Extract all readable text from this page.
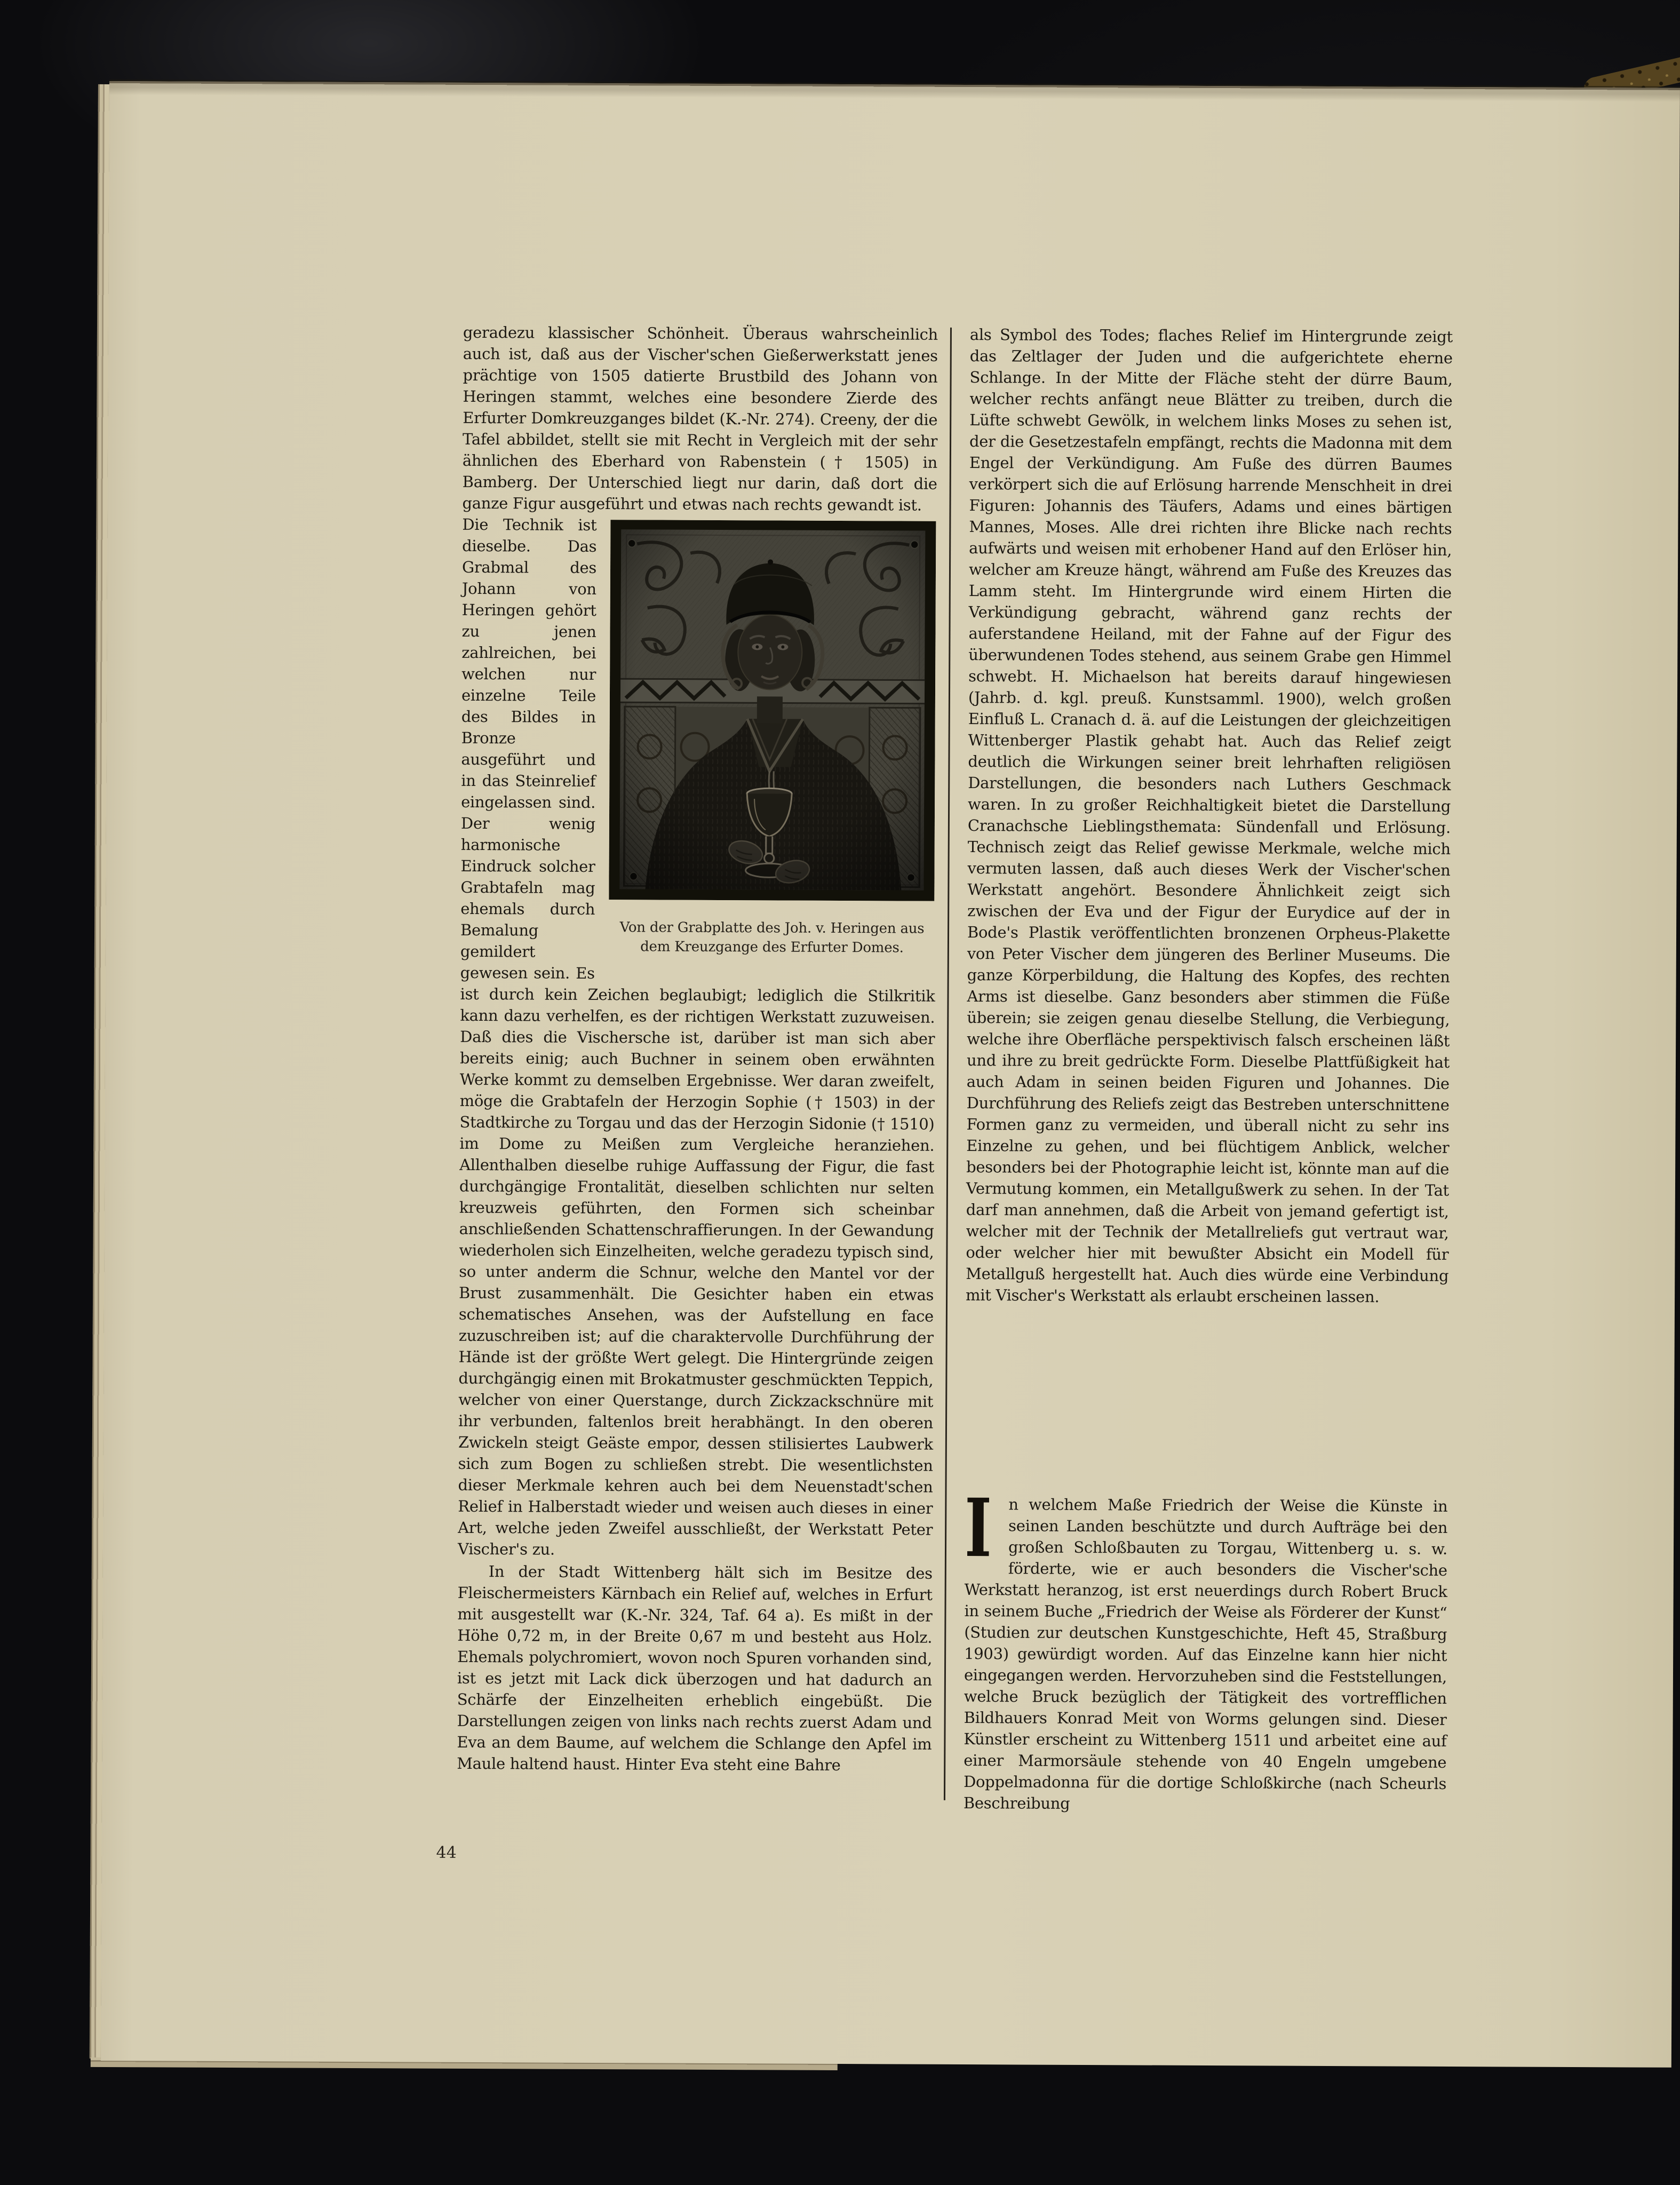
geradezu klassischer Schönheit. Überaus wahrscheinlich auch ist, daß aus der Vischer'schen Gießerwerkstatt jenes prächtige von 1505 datierte Brustbild des Johann von Heringen stammt, welches eine besondere Zierde des Erfurter Domkreuzganges bildet (K.-Nr. 274). Creeny, der die Tafel abbildet, stellt sie mit Recht in Vergleich mit der sehr ähnlichen des Eberhard von Rabenstein († 1505) in Bamberg. Der Unterschied liegt nur darin, daß dort die ganze Figur ausgeführt und etwas nach rechts gewandt ist.

Von der Grabplatte des Joh. v. Heringen aus dem Kreuzgange des Erfurter Domes.

Die Technik ist dieselbe. Das Grabmal des Johann von Heringen gehört zu jenen zahlreichen, bei welchen nur einzelne Teile des Bildes in Bronze ausgeführt und in das Steinrelief eingelassen sind. Der wenig harmonische Eindruck solcher Grabtafeln mag ehemals durch Bemalung gemildert gewesen sein. Es ist durch kein Zeichen beglaubigt; lediglich die Stilkritik kann dazu verhelfen, es der richtigen Werkstatt zuzuweisen. Daß dies die Vischersche ist, darüber ist man sich aber bereits einig; auch Buchner in seinem oben erwähnten Werke kommt zu demselben Ergebnisse. Wer daran zweifelt, möge die Grabtafeln der Herzogin Sophie († 1503) in der Stadtkirche zu Torgau und das der Herzogin Sidonie († 1510) im Dome zu Meißen zum Vergleiche heranziehen. Allenthalben dieselbe ruhige Auffassung der Figur, die fast durchgängige Frontalität, dieselben schlichten nur selten kreuzweis geführten, den Formen sich scheinbar anschließenden Schattenschraffierungen. In der Gewandung wiederholen sich Einzelheiten, welche geradezu typisch sind, so unter anderm die Schnur, welche den Mantel vor der Brust zusammenhält. Die Gesichter haben ein etwas schematisches Ansehen, was der Aufstellung en face zuzuschreiben ist; auf die charaktervolle Durchführung der Hände ist der größte Wert gelegt. Die Hintergründe zeigen durchgängig einen mit Brokatmuster geschmückten Teppich, welcher von einer Querstange, durch Zickzackschnüre mit ihr verbunden, faltenlos breit herabhängt. In den oberen Zwickeln steigt Geäste empor, dessen stilisiertes Laubwerk sich zum Bogen zu schließen strebt. Die wesentlichsten dieser Merkmale kehren auch bei dem Neuenstadt'schen Relief in Halberstadt wieder und weisen auch dieses in einer Art, welche jeden Zweifel ausschließt, der Werkstatt Peter Vischer's zu.

In der Stadt Wittenberg hält sich im Besitze des Fleischermeisters Kärnbach ein Relief auf, welches in Erfurt mit ausgestellt war (K.-Nr. 324, Taf. 64 a). Es mißt in der Höhe 0,72 m, in der Breite 0,67 m und besteht aus Holz. Ehemals polychromiert, wovon noch Spuren vorhanden sind, ist es jetzt mit Lack dick überzogen und hat dadurch an Schärfe der Einzelheiten erheblich eingebüßt. Die Darstellungen zeigen von links nach rechts zuerst Adam und Eva an dem Baume, auf welchem die Schlange den Apfel im Maule haltend haust. Hinter Eva steht eine Bahre

als Symbol des Todes; flaches Relief im Hintergrunde zeigt das Zeltlager der Juden und die aufgerichtete eherne Schlange. In der Mitte der Fläche steht der dürre Baum, welcher rechts anfängt neue Blätter zu treiben, durch die Lüfte schwebt Gewölk, in welchem links Moses zu sehen ist, der die Gesetzestafeln empfängt, rechts die Madonna mit dem Engel der Verkündigung. Am Fuße des dürren Baumes verkörpert sich die auf Erlösung harrende Menschheit in drei Figuren: Johannis des Täufers, Adams und eines bärtigen Mannes, Moses. Alle drei richten ihre Blicke nach rechts aufwärts und weisen mit erhobener Hand auf den Erlöser hin, welcher am Kreuze hängt, während am Fuße des Kreuzes das Lamm steht. Im Hintergrunde wird einem Hirten die Verkündigung gebracht, während ganz rechts der auferstandene Heiland, mit der Fahne auf der Figur des überwundenen Todes stehend, aus seinem Grabe gen Himmel schwebt. H. Michaelson hat bereits darauf hingewiesen (Jahrb. d. kgl. preuß. Kunstsamml. 1900), welch großen Einfluß L. Cranach d. ä. auf die Leistungen der gleichzeitigen Wittenberger Plastik gehabt hat. Auch das Relief zeigt deutlich die Wirkungen seiner breit lehrhaften religiösen Darstellungen, die besonders nach Luthers Geschmack waren. In zu großer Reichhaltigkeit bietet die Darstellung Cranachsche Lieblingsthemata: Sündenfall und Erlösung. Technisch zeigt das Relief gewisse Merkmale, welche mich vermuten lassen, daß auch dieses Werk der Vischer'schen Werkstatt angehört. Besondere Ähnlichkeit zeigt sich zwischen der Eva und der Figur der Eurydice auf der in Bode's Plastik veröffentlichten bronzenen Orpheus-Plakette von Peter Vischer dem jüngeren des Berliner Museums. Die ganze Körperbildung, die Haltung des Kopfes, des rechten Arms ist dieselbe. Ganz besonders aber stimmen die Füße überein; sie zeigen genau dieselbe Stellung, die Verbiegung, welche ihre Oberfläche perspektivisch falsch erscheinen läßt und ihre zu breit gedrückte Form. Dieselbe Plattfüßigkeit hat auch Adam in seinen beiden Figuren und Johannes. Die Durchführung des Reliefs zeigt das Bestreben unterschnittene Formen ganz zu vermeiden, und überall nicht zu sehr ins Einzelne zu gehen, und bei flüchtigem Anblick, welcher besonders bei der Photographie leicht ist, könnte man auf die Vermutung kommen, ein Metallgußwerk zu sehen. In der Tat darf man annehmen, daß die Arbeit von jemand gefertigt ist, welcher mit der Technik der Metallreliefs gut vertraut war, oder welcher hier mit bewußter Absicht ein Modell für Metallguß hergestellt hat. Auch dies würde eine Verbindung mit Vischer's Werkstatt als erlaubt erscheinen lassen.

I n welchem Maße Friedrich der Weise die Künste in seinen Landen beschützte und durch Aufträge bei den großen Schloßbauten zu Torgau, Wittenberg u. s. w. förderte, wie er auch besonders die Vischer'sche Werkstatt heranzog, ist erst neuerdings durch Robert Bruck in seinem Buche „Friedrich der Weise als Förderer der Kunst“ (Studien zur deutschen Kunstgeschichte, Heft 45, Straßburg 1903) gewürdigt worden. Auf das Einzelne kann hier nicht eingegangen werden. Hervorzuheben sind die Feststellungen, welche Bruck bezüglich der Tätigkeit des vortrefflichen Bildhauers Konrad Meit von Worms gelungen sind. Dieser Künstler erscheint zu Wittenberg 1511 und arbeitet eine auf einer Marmorsäule stehende von 40 Engeln umgebene Doppelmadonna für die dortige Schloßkirche (nach Scheurls Beschreibung

44
